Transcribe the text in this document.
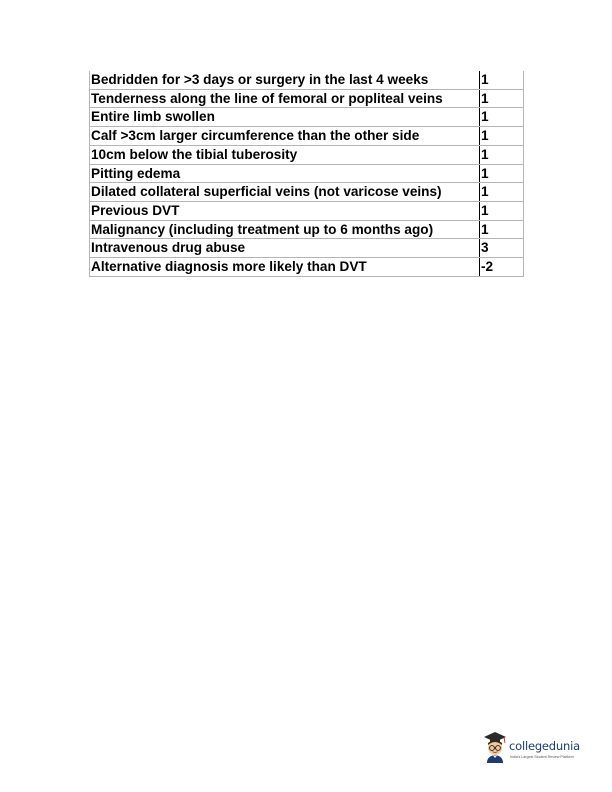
Bedridden for >3 days or surgery in the last 4 weeks	1
Tenderness along the line of femoral or popliteal veins	1
Entire limb swollen	1
Calf >3cm larger circumference than the other side	1
10cm below the tibial tuberosity	1
Pitting edema	1
Dilated collateral superficial veins (not varicose veins)	1
Previous DVT	1
Malignancy (including treatment up to 6 months ago)	1
Intravenous drug abuse	3
Alternative diagnosis more likely than DVT	-2
collegedunia
India's Largest Student Review Platform
